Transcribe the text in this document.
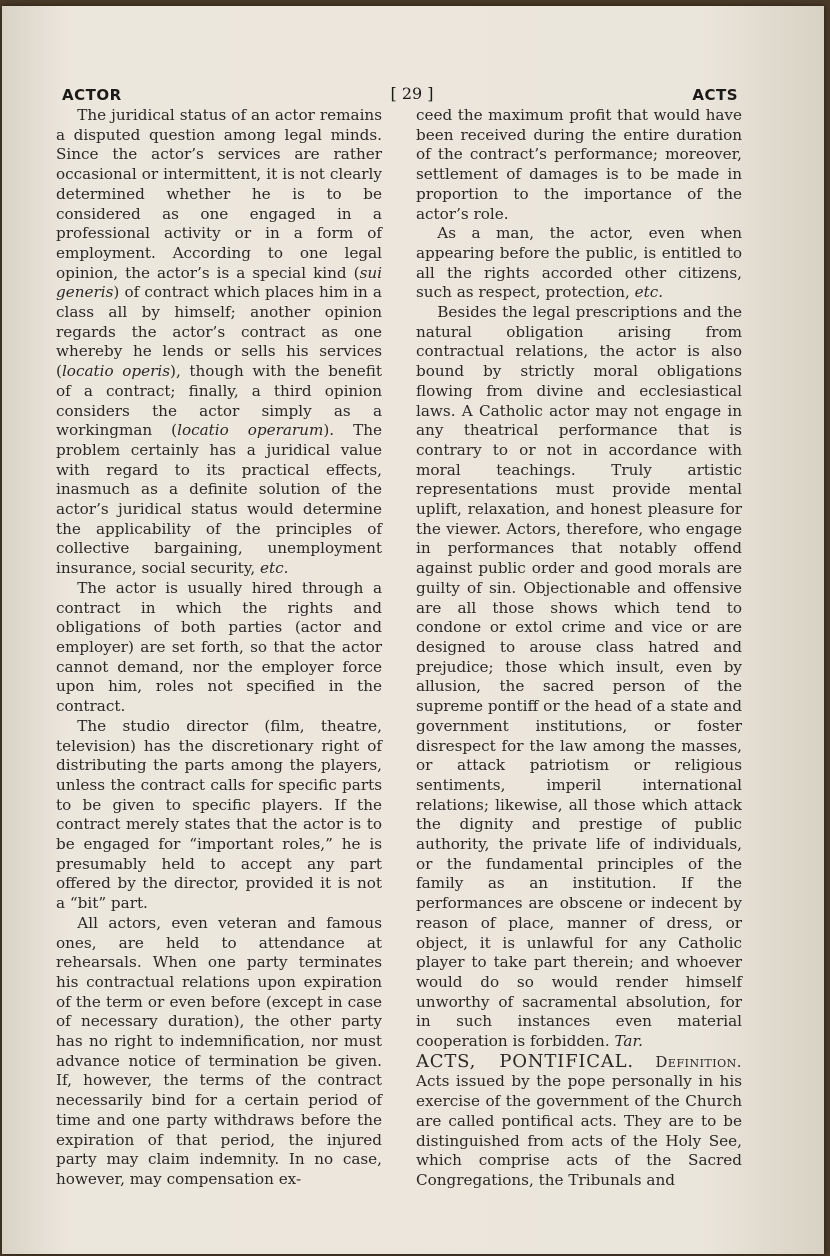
ACTOR	[ 29 ]	ACTS

The juridical status of an actor remains a disputed question among legal minds. Since the actor’s services are rather occasional or intermittent, it is not clearly determined whether he is to be considered as one engaged in a professional activity or in a form of employment. According to one legal opinion, the actor’s is a special kind (sui generis) of contract which places him in a class all by himself; another opinion regards the actor’s contract as one whereby he lends or sells his services (locatio operis), though with the benefit of a contract; finally, a third opinion considers the actor simply as a workingman (locatio operarum). The problem certainly has a juridical value with regard to its practical effects, inasmuch as a definite solution of the actor’s juridical status would determine the applicability of the principles of collective bargaining, unemployment insurance, social security, etc.

The actor is usually hired through a contract in which the rights and obligations of both parties (actor and employer) are set forth, so that the actor cannot demand, nor the employer force upon him, roles not specified in the contract.

The studio director (film, theatre, television) has the discretionary right of distributing the parts among the players, unless the contract calls for specific parts to be given to specific players. If the contract merely states that the actor is to be engaged for “important roles,” he is presumably held to accept any part offered by the director, provided it is not a “bit” part.

All actors, even veteran and famous ones, are held to attendance at rehearsals. When one party terminates his contractual relations upon expiration of the term or even before (except in case of necessary duration), the other party has no right to indemnification, nor must advance notice of termination be given. If, however, the terms of the contract necessarily bind for a certain period of time and one party withdraws before the expiration of that period, the injured party may claim indemnity. In no case, however, may compensation ex-

ceed the maximum profit that would have been received during the entire duration of the contract’s performance; moreover, settlement of damages is to be made in proportion to the importance of the actor’s role.

As a man, the actor, even when appearing before the public, is entitled to all the rights accorded other citizens, such as respect, protection, etc.

Besides the legal prescriptions and the natural obligation arising from contractual relations, the actor is also bound by strictly moral obligations flowing from divine and ecclesiastical laws. A Catholic actor may not engage in any theatrical performance that is contrary to or not in accordance with moral teachings. Truly artistic representations must provide mental uplift, relaxation, and honest pleasure for the viewer. Actors, therefore, who engage in performances that notably offend against public order and good morals are guilty of sin. Objectionable and offensive are all those shows which tend to condone or extol crime and vice or are designed to arouse class hatred and prejudice; those which insult, even by allusion, the sacred person of the supreme pontiff or the head of a state and government institutions, or foster disrespect for the law among the masses, or attack patriotism or religious sentiments, imperil international relations; likewise, all those which attack the dignity and prestige of public authority, the private life of individuals, or the fundamental principles of the family as an institution. If the performances are obscene or indecent by reason of place, manner of dress, or object, it is unlawful for any Catholic player to take part therein; and whoever would do so would render himself unworthy of sacramental absolution, for in such instances even material cooperation is forbidden. Tar.

ACTS, PONTIFICAL. Definition. Acts issued by the pope personally in his exercise of the government of the Church are called pontifical acts. They are to be distinguished from acts of the Holy See, which comprise acts of the Sacred Congregations, the Tribunals and
